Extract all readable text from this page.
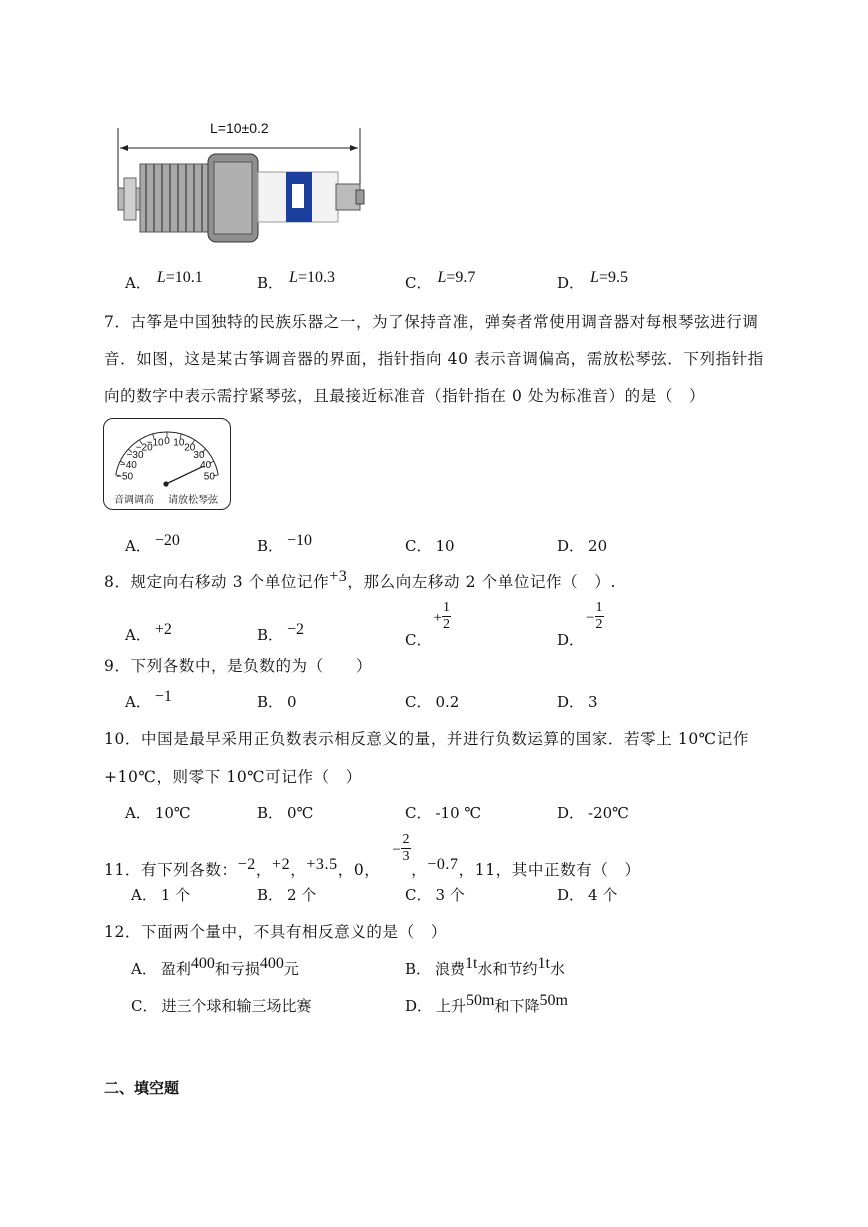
L=10±0.2
A． L=10.1	B． L=10.3	C． L=9.7	D． L=9.5
7．古筝是中国独特的民族乐器之一，为了保持音准，弹奏者常使用调音器对每根琴弦进行调
音．如图，这是某古筝调音器的界面，指针指向 40 表示音调偏高，需放松琴弦．下列指针指
向的数字中表示需拧紧琴弦，且最接近标准音（指针指在 0 处为标准音）的是（　）
−50
−40
−30
−20
−10 0 10 20
30
40
50
音调调高 请放松琴弦
A． −20	B． −10	C． 10	D． 20
8．规定向右移动 3 个单位记作+3，那么向左移动 2 个单位记作（　）.
A． +2	B． −2
C．+ $\frac{1}{2}$
D．− $\frac{1}{2}$
9．下列各数中，是负数的为（　　）
A． −1	B． 0	C． 0.2	D． 3
10．中国是最早采用正负数表示相反意义的量，并进行负数运算的国家．若零上 10℃记作
+10℃，则零下 10℃可记作（　）
A． 10℃	B． 0℃	C． -10 ℃	D． -20℃
11．有下列各数：−2，+2，+3.5，0，− $\frac{2}{3}$
，−0.7，11，其中正数有（　）
A． 1 个	B． 2 个	C． 3 个	D． 4 个
12．下面两个量中，不具有相反意义的是（　）
A． 盈利400和亏损400元	B． 浪费1t水和节约1t水
C． 进三个球和输三场比赛	D． 上升50m和下降50m
二、填空题
